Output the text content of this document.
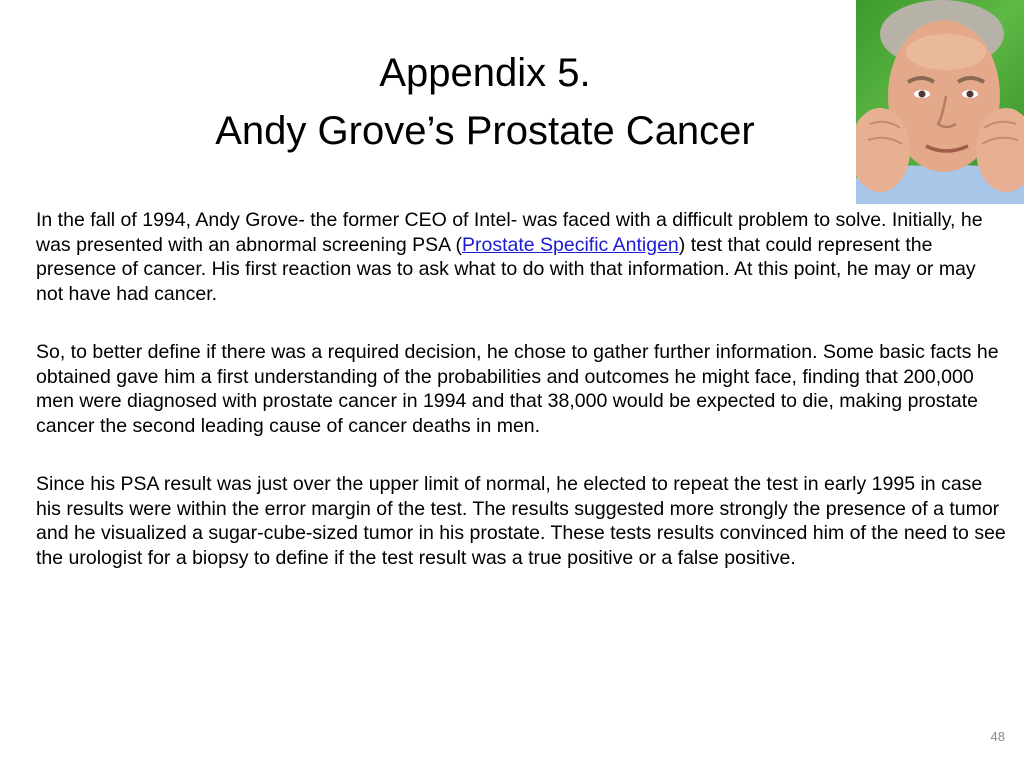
Appendix 5.
Andy Grove’s Prostate Cancer

In the fall of 1994, Andy Grove- the former CEO of Intel- was faced with a difficult problem to solve. Initially, he was presented with an abnormal screening PSA (Prostate Specific Antigen) test that could represent the presence of cancer. His first reaction was to ask what to do with that information. At this point, he may or may not have had cancer.

So, to better define if there was a required decision, he chose to gather further information. Some basic facts he obtained gave him a first understanding of the probabilities and outcomes he might face, finding that 200,000 men were diagnosed with prostate cancer in 1994 and that 38,000 would be expected to die, making prostate cancer the second leading cause of cancer deaths in men.

Since his PSA result was just over the upper limit of normal, he elected to repeat the test in early 1995 in case his results were within the error margin of the test. The results suggested more strongly the presence of a tumor and he visualized a sugar-cube-sized tumor in his prostate. These tests results convinced him of the need to see the urologist for a biopsy to define if the test result was a true positive or a false positive.

48
